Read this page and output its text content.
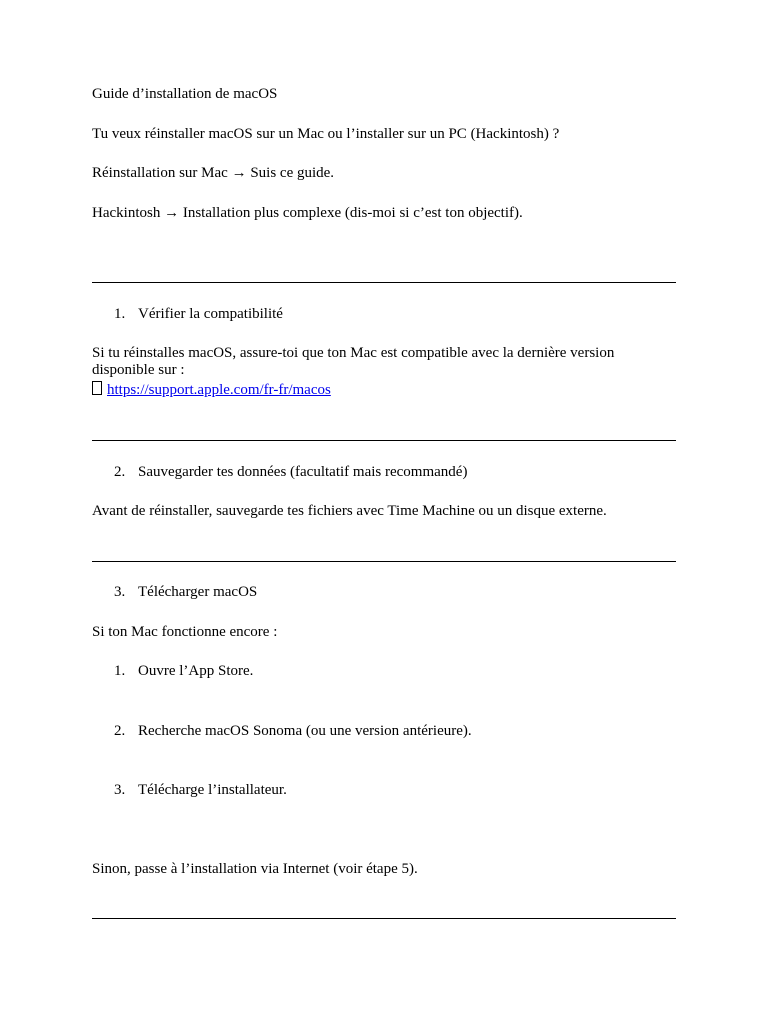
Guide d’installation de macOS
Tu veux réinstaller macOS sur un Mac ou l’installer sur un PC (Hackintosh) ?
Réinstallation sur Mac → Suis ce guide.
Hackintosh → Installation plus complexe (dis-moi si c’est ton objectif).
1. Vérifier la compatibilité
Si tu réinstalles macOS, assure-toi que ton Mac est compatible avec la dernière version disponible sur :
https://support.apple.com/fr-fr/macos
2. Sauvegarder tes données (facultatif mais recommandé)
Avant de réinstaller, sauvegarde tes fichiers avec Time Machine ou un disque externe.
3. Télécharger macOS
Si ton Mac fonctionne encore :
1. Ouvre l’App Store.
2. Recherche macOS Sonoma (ou une version antérieure).
3. Télécharge l’installateur.
Sinon, passe à l’installation via Internet (voir étape 5).
